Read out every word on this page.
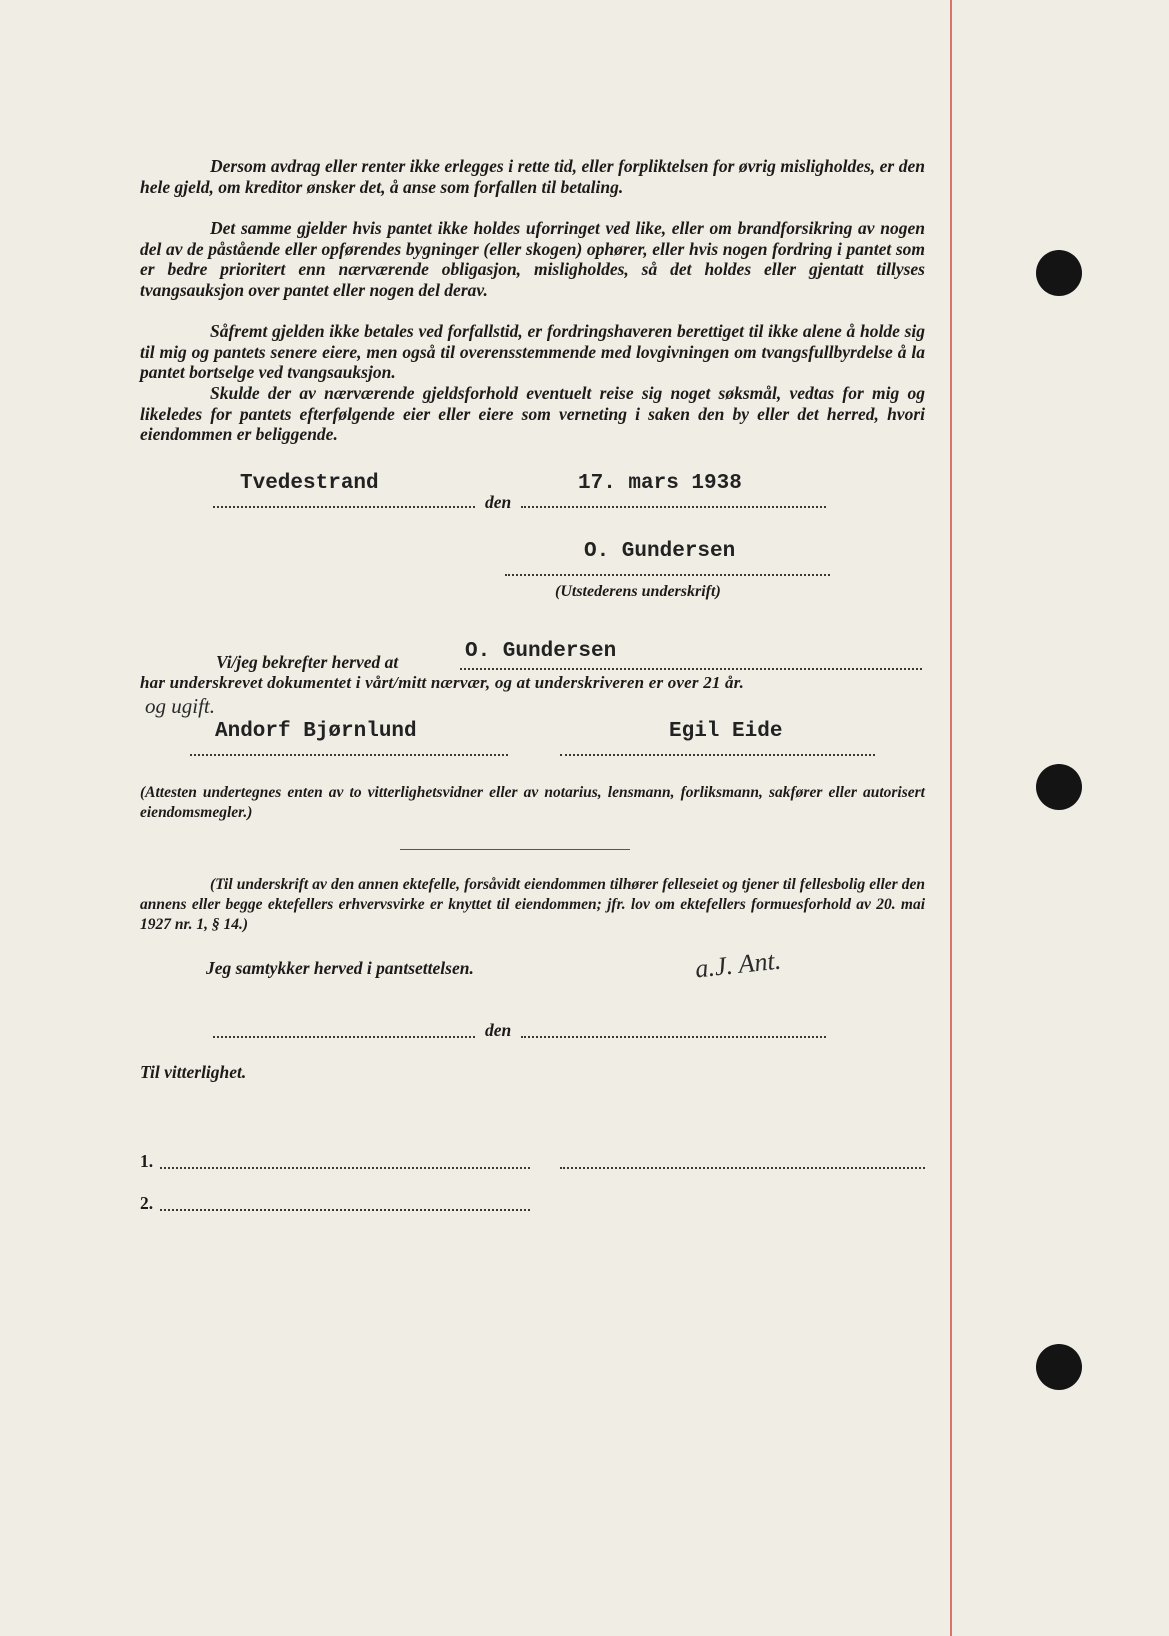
Dersom avdrag eller renter ikke erlegges i rette tid, eller forpliktelsen for øvrig misligholdes, er den hele gjeld, om kreditor ønsker det, å anse som forfallen til betaling.

Det samme gjelder hvis pantet ikke holdes uforringet ved like, eller om brandforsikring av nogen del av de påstående eller opførendes bygninger (eller skogen) ophører, eller hvis nogen fordring i pantet som er bedre prioritert enn nærværende obligasjon, misligholdes, så det holdes eller gjentatt tillyses tvangsauksjon over pantet eller nogen del derav.

Såfremt gjelden ikke betales ved forfallstid, er fordringshaveren berettiget til ikke alene å holde sig til mig og pantets senere eiere, men også til overensstemmende med lovgivningen om tvangsfullbyrdelse å la pantet bortselge ved tvangsauksjon.

Skulde der av nærværende gjeldsforhold eventuelt reise sig noget søksmål, vedtas for mig og likeledes for pantets efterfølgende eier eller eiere som verneting i saken den by eller det herred, hvori eiendommen er beliggende.

Tvedestrand
den
17. mars 1938
O. Gundersen
(Utstederens underskrift)
Vi/jeg bekrefter herved at	O. Gundersen
har underskrevet dokumentet i vårt/mitt nærvær, og at underskriveren er over 21 år.
og ugift.
Andorf Bjørnlund	Egil Eide

(Attesten undertegnes enten av to vitterlighetsvidner eller av notarius, lensmann, forliksmann, sakfører eller autorisert eiendomsmegler.)

(Til underskrift av den annen ektefelle, forsåvidt eiendommen tilhører felleseiet og tjener til fellesbolig eller den annens eller begge ektefellers erhvervsvirke er knyttet til eiendommen; jfr. lov om ektefellers formuesforhold av 20. mai 1927 nr. 1, § 14.)

Jeg samtykker herved i pantsettelsen.	a.J. Ant.
den
Til vitterlighet.
1.
2.
